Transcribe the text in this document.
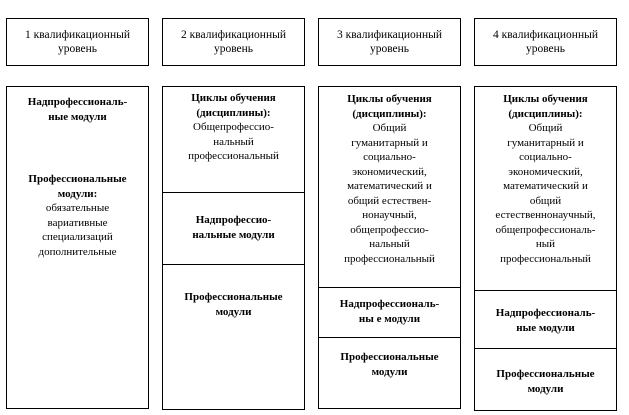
1 квалификационный
уровень
2 квалификационный
уровень
3 квалификационный
уровень
4 квалификационный
уровень
Надпрофессиональ-
ные модули
Профессиональные
модули:
обязательные
вариативные
специализаций
дополнительные
Циклы обучения
(дисциплины):
Общепрофессио-
нальный
профессиональный
Надпрофессио-
нальные модули
Профессиональные
модули
Циклы обучения
(дисциплины):
Общий
гуманитарный и
социально-
экономический,
математический и
общий естествен-
нонаучный,
общепрофессио-
нальный
профессиональный
Надпрофессиональ-
ны е модули
Профессиональные
модули
Циклы обучения
(дисциплины):
Общий
гуманитарный и
социально-
экономический,
математический и
общий
естественнонаучный,
общепрофессиональ-
ный
профессиональный
Надпрофессиональ-
ные модули
Профессиональные
модули
